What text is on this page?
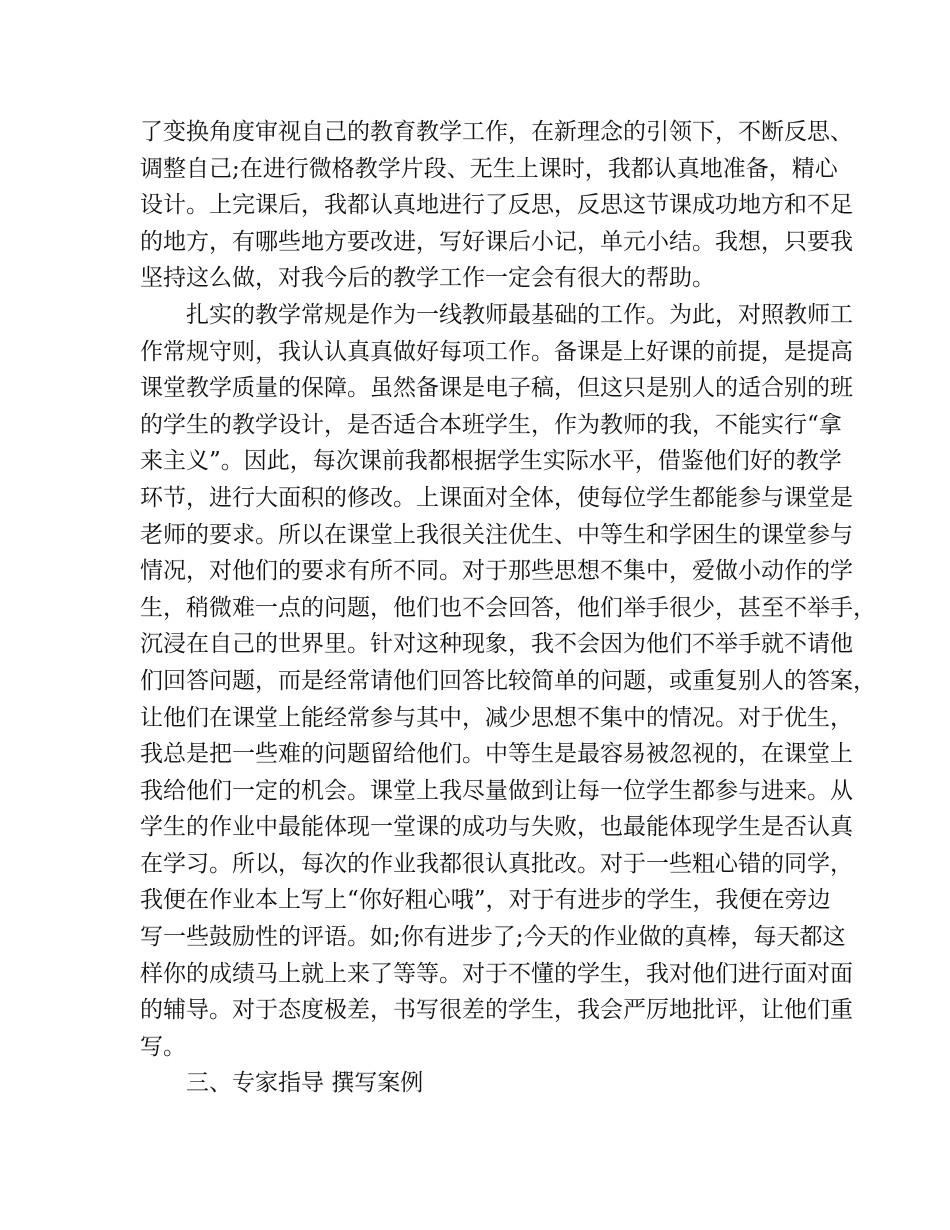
了变换角度审视自己的教育教学工作，在新理念的引领下，不断反思、
调整自己;在进行微格教学片段、无生上课时，我都认真地准备，精心
设计。上完课后，我都认真地进行了反思，反思这节课成功地方和不足
的地方，有哪些地方要改进，写好课后小记，单元小结。我想，只要我
坚持这么做，对我今后的教学工作一定会有很大的帮助。
扎实的教学常规是作为一线教师最基础的工作。为此，对照教师工
作常规守则，我认认真真做好每项工作。备课是上好课的前提，是提高
课堂教学质量的保障。虽然备课是电子稿，但这只是别人的适合别的班
的学生的教学设计，是否适合本班学生，作为教师的我，不能实行“拿
来主义”。因此，每次课前我都根据学生实际水平，借鉴他们好的教学
环节，进行大面积的修改。上课面对全体，使每位学生都能参与课堂是
老师的要求。所以在课堂上我很关注优生、中等生和学困生的课堂参与
情况，对他们的要求有所不同。对于那些思想不集中，爱做小动作的学
生，稍微难一点的问题，他们也不会回答，他们举手很少，甚至不举手，
沉浸在自己的世界里。针对这种现象，我不会因为他们不举手就不请他
们回答问题，而是经常请他们回答比较简单的问题，或重复别人的答案，
让他们在课堂上能经常参与其中，减少思想不集中的情况。对于优生，
我总是把一些难的问题留给他们。中等生是最容易被忽视的，在课堂上
我给他们一定的机会。课堂上我尽量做到让每一位学生都参与进来。从
学生的作业中最能体现一堂课的成功与失败，也最能体现学生是否认真
在学习。所以，每次的作业我都很认真批改。对于一些粗心错的同学，
我便在作业本上写上“你好粗心哦”，对于有进步的学生，我便在旁边
写一些鼓励性的评语。如;你有进步了;今天的作业做的真棒，每天都这
样你的成绩马上就上来了等等。对于不懂的学生，我对他们进行面对面
的辅导。对于态度极差，书写很差的学生，我会严厉地批评，让他们重
写。
三、专家指导 撰写案例
